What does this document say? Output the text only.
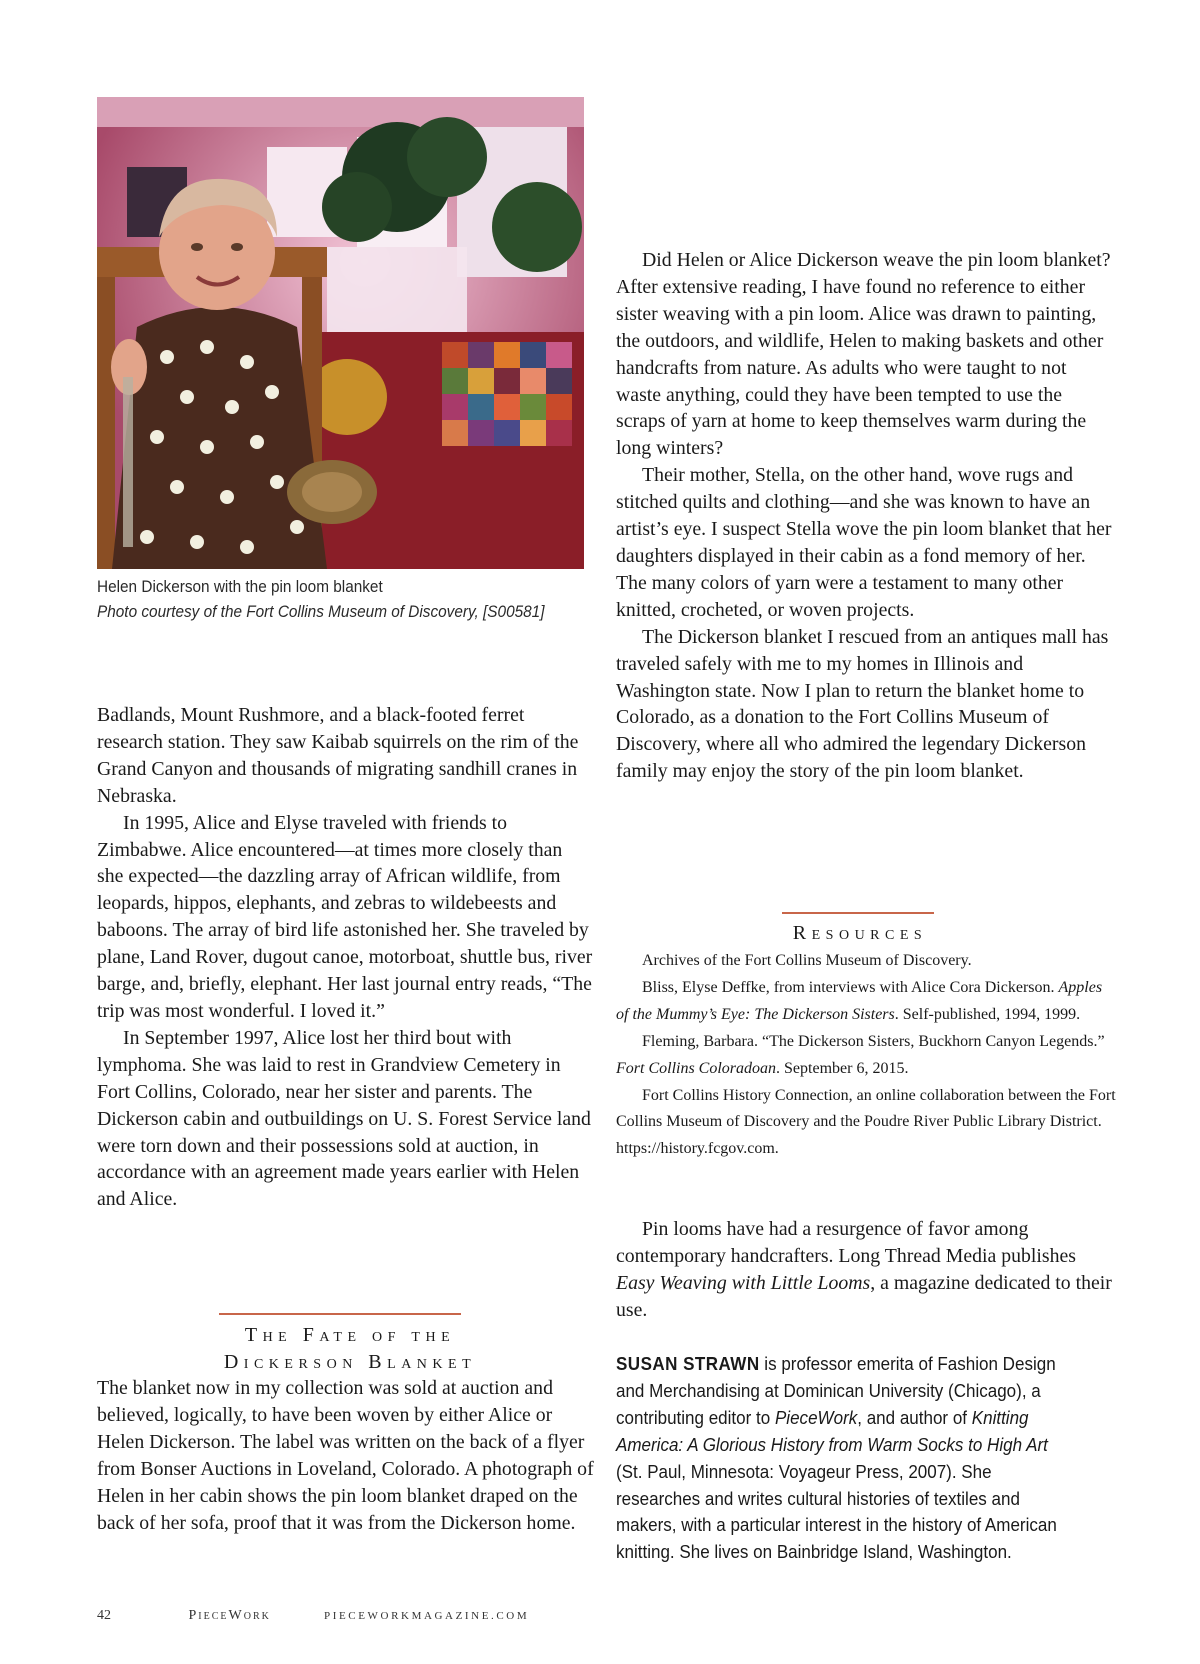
Helen Dickerson with the pin loom blanket
Photo courtesy of the Fort Collins Museum of Discovery, [S00581]

Badlands, Mount Rushmore, and a black-footed ferret research station. They saw Kaibab squirrels on the rim of the Grand Canyon and thousands of migrating sandhill cranes in Nebraska.

In 1995, Alice and Elyse traveled with friends to Zimbabwe. Alice encountered—at times more closely than she expected—the dazzling array of African wildlife, from leopards, hippos, elephants, and zebras to wildebeests and baboons. The array of bird life astonished her. She traveled by plane, Land Rover, dugout canoe, motorboat, shuttle bus, river barge, and, briefly, elephant. Her last journal entry reads, “The trip was most wonderful. I loved it.”

In September 1997, Alice lost her third bout with lymphoma. She was laid to rest in Grandview Cemetery in Fort Collins, Colorado, near her sister and parents. The Dickerson cabin and outbuildings on U. S. Forest Service land were torn down and their possessions sold at auction, in accordance with an agreement made years earlier with Helen and Alice.

The Fate of the
Dickerson Blanket

The blanket now in my collection was sold at auction and believed, logically, to have been woven by either Alice or Helen Dickerson. The label was written on the back of a flyer from Bonser Auctions in Loveland, Colorado. A photograph of Helen in her cabin shows the pin loom blanket draped on the back of her sofa, proof that it was from the Dickerson home.

Did Helen or Alice Dickerson weave the pin loom blanket? After extensive reading, I have found no reference to either sister weaving with a pin loom. Alice was drawn to painting, the outdoors, and wildlife, Helen to making baskets and other handcrafts from nature. As adults who were taught to not waste anything, could they have been tempted to use the scraps of yarn at home to keep themselves warm during the long winters?

Their mother, Stella, on the other hand, wove rugs and stitched quilts and clothing—and she was known to have an artist’s eye. I suspect Stella wove the pin loom blanket that her daughters displayed in their cabin as a fond memory of her. The many colors of yarn were a testament to many other knitted, crocheted, or woven projects.

The Dickerson blanket I rescued from an antiques mall has traveled safely with me to my homes in Illinois and Washington state. Now I plan to return the blanket home to Colorado, as a donation to the Fort Collins Museum of Discovery, where all who admired the legendary Dickerson family may enjoy the story of the pin loom blanket.

Resources

Archives of the Fort Collins Museum of Discovery.

Bliss, Elyse Deffke, from interviews with Alice Cora Dickerson. Apples of the Mummy’s Eye: The Dickerson Sisters. Self-published, 1994, 1999.

Fleming, Barbara. “The Dickerson Sisters, Buckhorn Canyon Legends.” Fort Collins Coloradoan. September 6, 2015.

Fort Collins History Connection, an online collaboration between the Fort Collins Museum of Discovery and the Poudre River Public Library District. https://history.fcgov.com.

Pin looms have had a resurgence of favor among contemporary handcrafters. Long Thread Media publishes Easy Weaving with Little Looms, a magazine dedicated to their use.

SUSAN STRAWN is professor emerita of Fashion Design and Merchandising at Dominican University (Chicago), a contributing editor to PieceWork, and author of Knitting America: A Glorious History from Warm Socks to High Art (St. Paul, Minnesota: Voyageur Press, 2007). She researches and writes cultural histories of textiles and makers, with a particular interest in the history of American knitting. She lives on Bainbridge Island, Washington.
42	PieceWork	PIECEWORKMAGAZINE.COM
